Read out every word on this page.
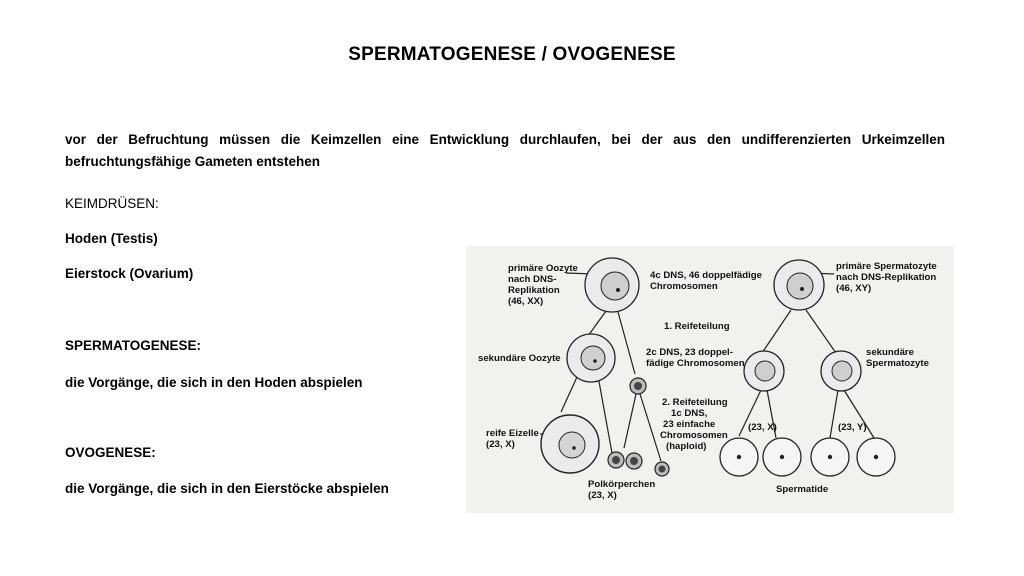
SPERMATOGENESE / OVOGENESE
vor der Befruchtung müssen die Keimzellen eine Entwicklung durchlaufen, bei der aus den undifferenzierten Urkeimzellen befruchtungsfähige Gameten entstehen
KEIMDRÜSEN:
Hoden (Testis)
Eierstock (Ovarium)
SPERMATOGENESE:
die Vorgänge, die sich in den Hoden abspielen
OVOGENESE:
die Vorgänge, die sich in den Eierstöcke abspielen
primäre Oozyte nach DNS- Replikation (46, XX)
4c DNS, 46 doppelfädige Chromosomen
primäre Spermatozyte nach DNS-Replikation (46, XY)
1. Reifeteilung
sekundäre Oozyte
2c DNS, 23 doppel- fädige Chromosomen
sekundäre Spermatozyte
2. Reifeteilung
1c DNS, 23 einfache Chromosomen (haploid)
(23, X)	(23, Y)
reife Eizelle (23, X)
Polkörperchen (23, X)
Spermatide
